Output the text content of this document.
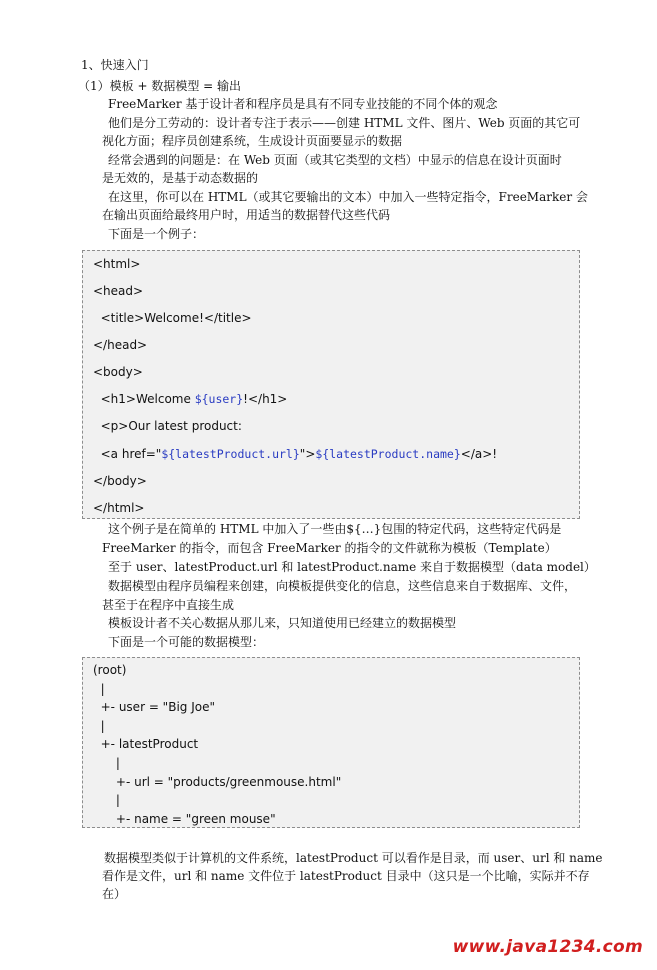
1、快速入门
（1）模板 + 数据模型 = 输出
FreeMarker 基于设计者和程序员是具有不同专业技能的不同个体的观念
他们是分工劳动的：设计者专注于表示——创建 HTML 文件、图片、Web 页面的其它可
视化方面；程序员创建系统，生成设计页面要显示的数据
经常会遇到的问题是：在 Web 页面（或其它类型的文档）中显示的信息在设计页面时
是无效的，是基于动态数据的
在这里，你可以在 HTML（或其它要输出的文本）中加入一些特定指令，FreeMarker 会
在输出页面给最终用户时，用适当的数据替代这些代码
下面是一个例子：
<html>
<head>
<title>Welcome!</title>
</head>
<body>
<h1>Welcome ${user}!</h1>
<p>Our latest product:
<a href="${latestProduct.url}">${latestProduct.name}</a>!
</body>
</html>
这个例子是在简单的 HTML 中加入了一些由${…}包围的特定代码，这些特定代码是
FreeMarker 的指令，而包含 FreeMarker 的指令的文件就称为模板（Template）
至于 user、latestProduct.url 和 latestProduct.name 来自于数据模型（data model）
数据模型由程序员编程来创建，向模板提供变化的信息，这些信息来自于数据库、文件，
甚至于在程序中直接生成
模板设计者不关心数据从那儿来，只知道使用已经建立的数据模型
下面是一个可能的数据模型：
(root)
|
+- user = "Big Joe"
|
+- latestProduct
|
+- url = "products/greenmouse.html"
|
+- name = "green mouse"
数据模型类似于计算机的文件系统，latestProduct 可以看作是目录，而 user、url 和 name
看作是文件，url 和 name 文件位于 latestProduct 目录中（这只是一个比喻，实际并不存
在）
www.java1234.com
